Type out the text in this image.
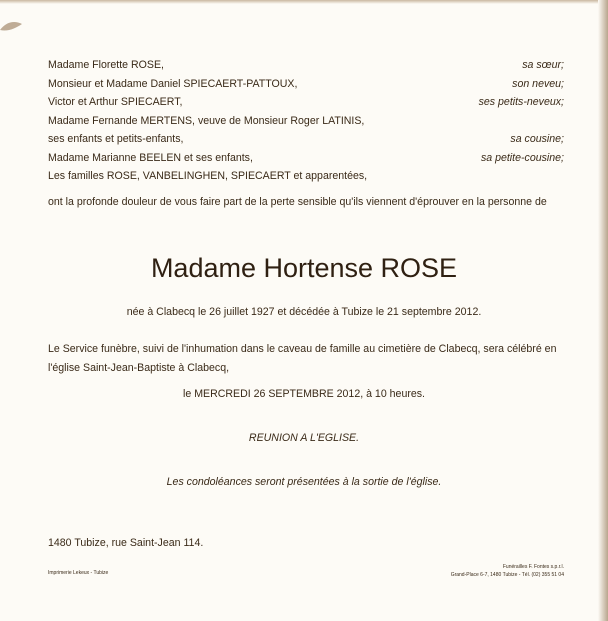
Madame Florette ROSE,	sa sœur;
Monsieur et Madame Daniel SPIECAERT-PATTOUX,	son neveu;
Victor et Arthur SPIECAERT,	ses petits-neveux;
Madame Fernande MERTENS, veuve de Monsieur Roger LATINIS,
ses enfants et petits-enfants,	sa cousine;
Madame Marianne BEELEN et ses enfants,	sa petite-cousine;
Les familles ROSE, VANBELINGHEN, SPIECAERT et apparentées,
ont la profonde douleur de vous faire part de la perte sensible qu'ils viennent d'éprouver en la personne de
Madame Hortense ROSE
née à Clabecq le 26 juillet 1927 et décédée à Tubize le 21 septembre 2012.
Le Service funèbre, suivi de l'inhumation dans le caveau de famille au cimetière de Clabecq, sera célébré en l'église Saint-Jean-Baptiste à Clabecq,
le MERCREDI 26 SEPTEMBRE 2012, à 10 heures.
REUNION A L'EGLISE.
Les condoléances seront présentées à la sortie de l'église.
1480 Tubize, rue Saint-Jean 114.
Imprimerie Lekeux - Tubize
Funérailles F. Fontes s.p.r.l.
Grand-Place 6-7, 1480 Tubize - Tél. (02) 355 51 04
